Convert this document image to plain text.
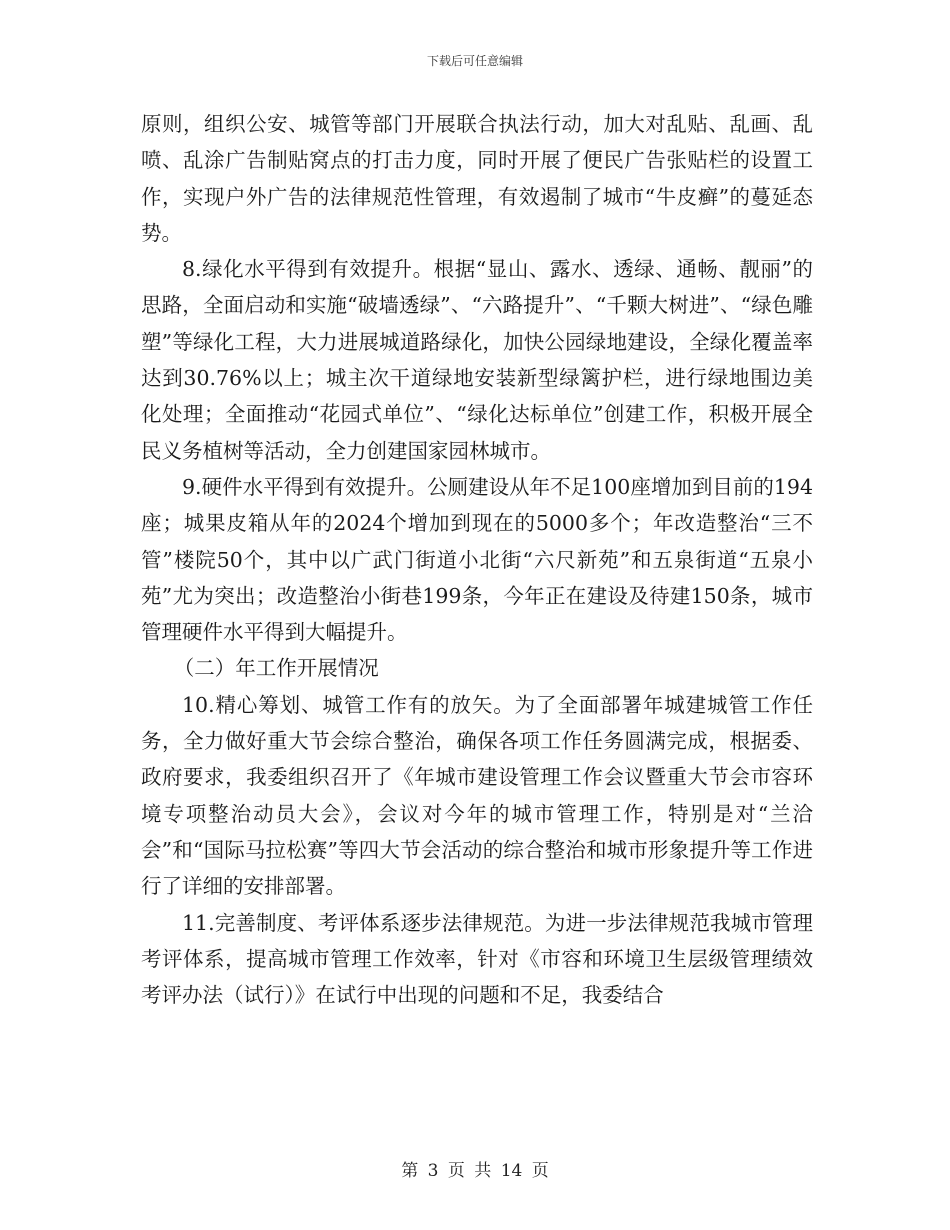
下载后可任意编辑

原则，组织公安、城管等部门开展联合执法行动，加大对乱贴、乱画、乱喷、乱涂广告制贴窝点的打击力度，同时开展了便民广告张贴栏的设置工作，实现户外广告的法律规范性管理，有效遏制了城市“牛皮癣”的蔓延态势。

8.绿化水平得到有效提升。根据“显山、露水、透绿、通畅、靓丽”的思路，全面启动和实施“破墙透绿”、“六路提升”、“千颗大树进”、“绿色雕塑”等绿化工程，大力进展城道路绿化，加快公园绿地建设，全绿化覆盖率达到30.76%以上；城主次干道绿地安装新型绿篱护栏，进行绿地围边美化处理；全面推动“花园式单位”、“绿化达标单位”创建工作，积极开展全民义务植树等活动，全力创建国家园林城市。

9.硬件水平得到有效提升。公厕建设从年不足100座增加到目前的194座；城果皮箱从年的2024个增加到现在的5000多个；年改造整治“三不管”楼院50个，其中以广武门街道小北街“六尺新苑”和五泉街道“五泉小苑”尤为突出；改造整治小街巷199条，今年正在建设及待建150条，城市管理硬件水平得到大幅提升。

（二）年工作开展情况

10.精心筹划、城管工作有的放矢。为了全面部署年城建城管工作任务，全力做好重大节会综合整治，确保各项工作任务圆满完成，根据委、政府要求，我委组织召开了《年城市建设管理工作会议暨重大节会市容环境专项整治动员大会》，会议对今年的城市管理工作，特别是对“兰洽会”和“国际马拉松赛”等四大节会活动的综合整治和城市形象提升等工作进行了详细的安排部署。

11.完善制度、考评体系逐步法律规范。为进一步法律规范我城市管理考评体系，提高城市管理工作效率，针对《市容和环境卫生层级管理绩效考评办法（试行）》在试行中出现的问题和不足，我委结合

第 3 页 共 14 页
